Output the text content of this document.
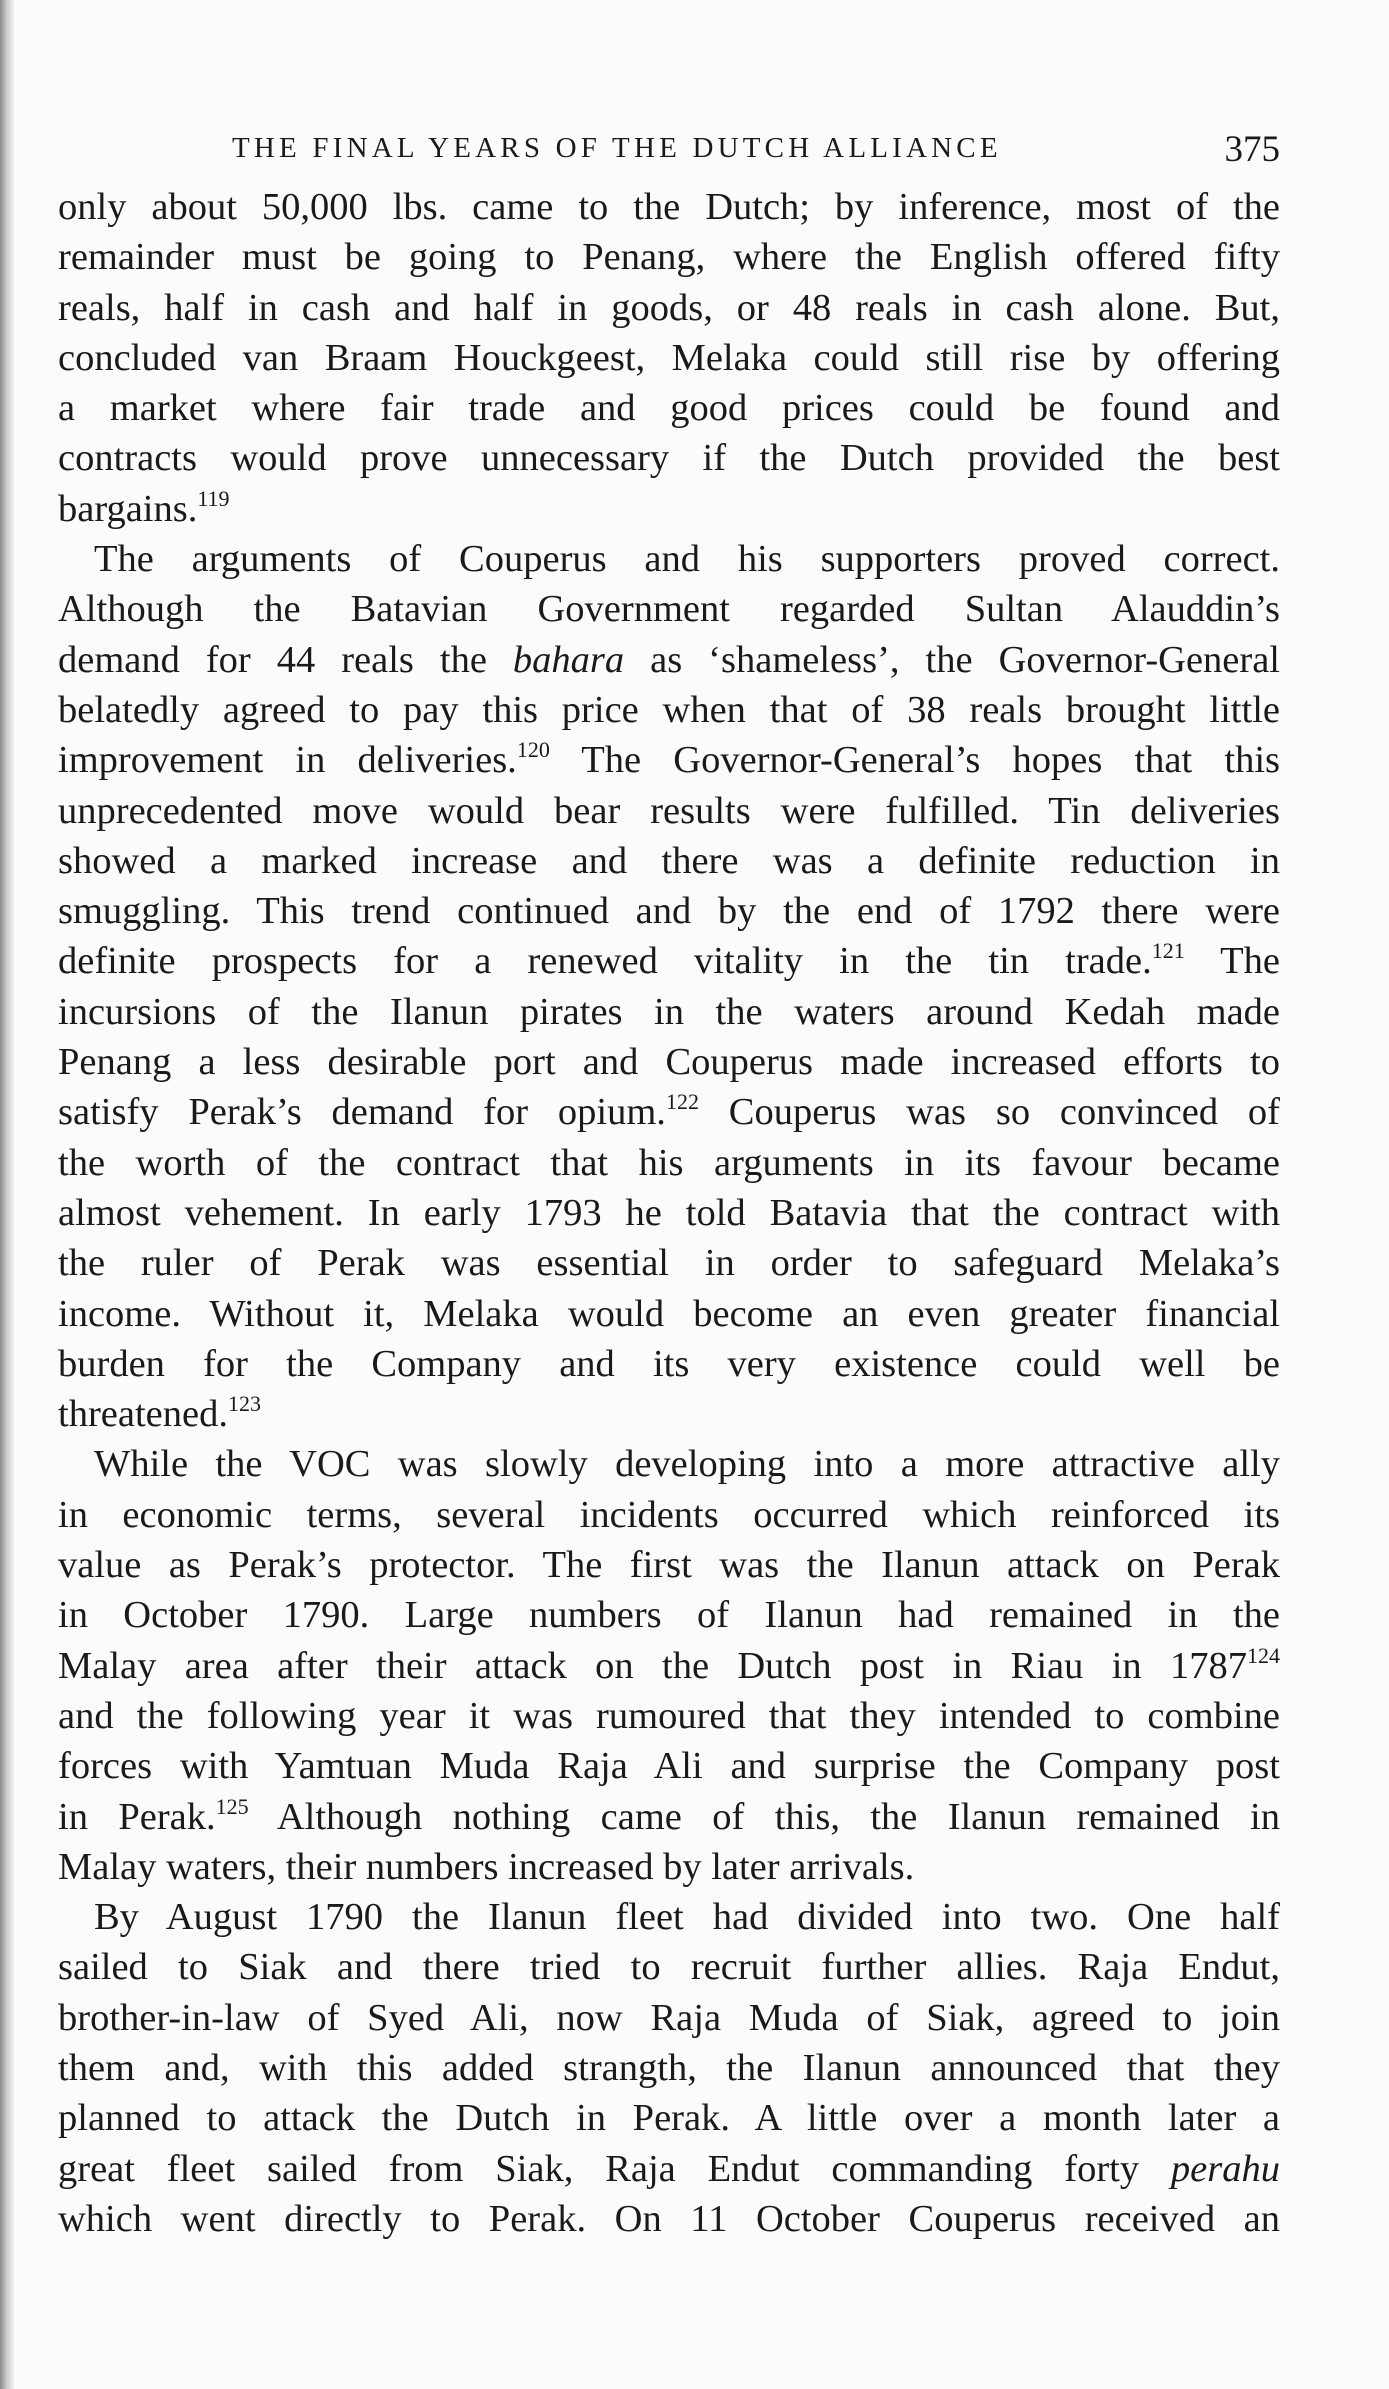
THE FINAL YEARS OF THE DUTCH ALLIANCE	375
only about 50,000 lbs. came to the Dutch; by inference, most of the
remainder must be going to Penang, where the English offered fifty
reals, half in cash and half in goods, or 48 reals in cash alone. But,
concluded van Braam Houckgeest, Melaka could still rise by offering
a market where fair trade and good prices could be found and
contracts would prove unnecessary if the Dutch provided the best
bargains.$^{119}$
The arguments of Couperus and his supporters proved correct.
Although the Batavian Government regarded Sultan Alauddin’s
demand for 44 reals the bahara as ‘shameless’, the Governor-General
belatedly agreed to pay this price when that of 38 reals brought little
improvement in deliveries.$^{120}$ The Governor-General’s hopes that this
unprecedented move would bear results were fulfilled. Tin deliveries
showed a marked increase and there was a definite reduction in
smuggling. This trend continued and by the end of 1792 there were
definite prospects for a renewed vitality in the tin trade.$^{121}$ The
incursions of the Ilanun pirates in the waters around Kedah made
Penang a less desirable port and Couperus made increased efforts to
satisfy Perak’s demand for opium.$^{122}$ Couperus was so convinced of
the worth of the contract that his arguments in its favour became
almost vehement. In early 1793 he told Batavia that the contract with
the ruler of Perak was essential in order to safeguard Melaka’s
income. Without it, Melaka would become an even greater financial
burden for the Company and its very existence could well be
threatened.$^{123}$
While the VOC was slowly developing into a more attractive ally
in economic terms, several incidents occurred which reinforced its
value as Perak’s protector. The first was the Ilanun attack on Perak
in October 1790. Large numbers of Ilanun had remained in the
Malay area after their attack on the Dutch post in Riau in 1787$^{124}$
and the following year it was rumoured that they intended to combine
forces with Yamtuan Muda Raja Ali and surprise the Company post
in Perak.$^{125}$ Although nothing came of this, the Ilanun remained in
Malay waters, their numbers increased by later arrivals.
By August 1790 the Ilanun fleet had divided into two. One half
sailed to Siak and there tried to recruit further allies. Raja Endut,
brother-in-law of Syed Ali, now Raja Muda of Siak, agreed to join
them and, with this added strangth, the Ilanun announced that they
planned to attack the Dutch in Perak. A little over a month later a
great fleet sailed from Siak, Raja Endut commanding forty perahu
which went directly to Perak. On 11 October Couperus received an
